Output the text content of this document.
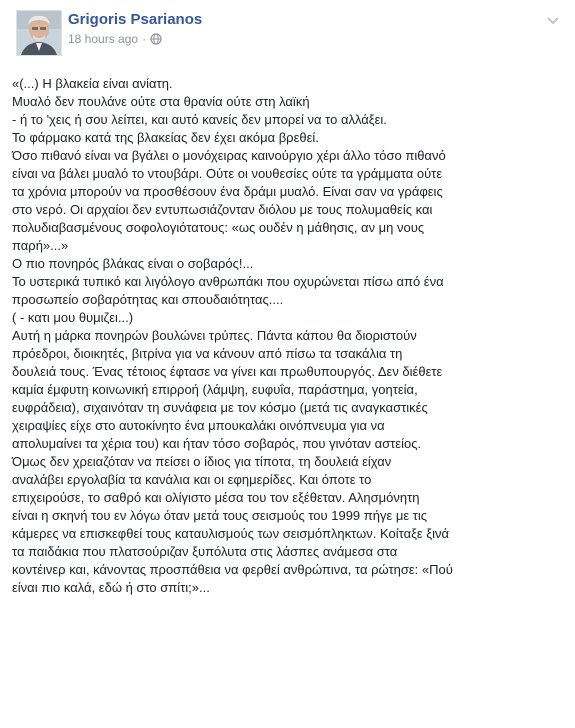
Grigoris Psarianos
18 hours ago ·

«(...) Η βλακεία είναι ανίατη.

Μυαλό δεν πουλάνε ούτε στα θρανία ούτε στη λαϊκή

- ή το 'χεις ή σου λείπει, και αυτό κανείς δεν μπορεί να το αλλάξει.

Το φάρμακο κατά της βλακείας δεν έχει ακόμα βρεθεί.

Όσο πιθανό είναι να βγάλει ο μονόχειρας καινούργιο χέρι άλλο τόσο πιθανό

είναι να βάλει μυαλό το ντουβάρι. Ούτε οι νουθεσίες ούτε τα γράμματα ούτε

τα χρόνια μπορούν να προσθέσουν ένα δράμι μυαλό. Είναι σαν να γράφεις

στο νερό. Οι αρχαίοι δεν εντυπωσιάζονταν διόλου με τους πολυμαθείς και

πολυδιαβασμένους σοφολογιότατους: «ως ουδέν η μάθησις, αν μη νους

παρή»...»

Ο πιο πονηρός βλάκας είναι ο σοβαρός!...

Το υστερικά τυπικό και λιγόλογο ανθρωπάκι που οχυρώνεται πίσω από ένα

προσωπείο σοβαρότητας και σπουδαιότητας....

( - κατι μου θυμιζει...)

Αυτή η μάρκα πονηρών βουλώνει τρύπες. Πάντα κάπου θα διοριστούν

πρόεδροι, διοικητές, βιτρίνα για να κάνουν από πίσω τα τσακάλια τη

δουλειά τους. Ένας τέτοιος έφτασε να γίνει και πρωθυπουργός. Δεν διέθετε

καμία έμφυτη κοινωνική επιρροή (λάμψη, ευφυΐα, παράστημα, γοητεία,

ευφράδεια), σιχαινόταν τη συνάφεια με τον κόσμο (μετά τις αναγκαστικές

χειραψίες είχε στο αυτοκίνητο ένα μπουκαλάκι οινόπνευμα για να

απολυμαίνει τα χέρια του) και ήταν τόσο σοβαρός, που γινόταν αστείος.

Όμως δεν χρειαζόταν να πείσει ο ίδιος για τίποτα, τη δουλειά είχαν

αναλάβει εργολαβία τα κανάλια και οι εφημερίδες. Και όποτε το

επιχειρούσε, το σαθρό και ολίγιστο μέσα του τον εξέθεταν. Αλησμόνητη

είναι η σκηνή του εν λόγω όταν μετά τους σεισμούς του 1999 πήγε με τις

κάμερες να επισκεφθεί τους καταυλισμούς των σεισμόπληκτων. Κοίταξε ξινά

τα παιδάκια που πλατσούριζαν ξυπόλυτα στις λάσπες ανάμεσα στα

κοντέινερ και, κάνοντας προσπάθεια να φερθεί ανθρώπινα, τα ρώτησε: «Πού

είναι πιο καλά, εδώ ή στο σπίτι;»...
